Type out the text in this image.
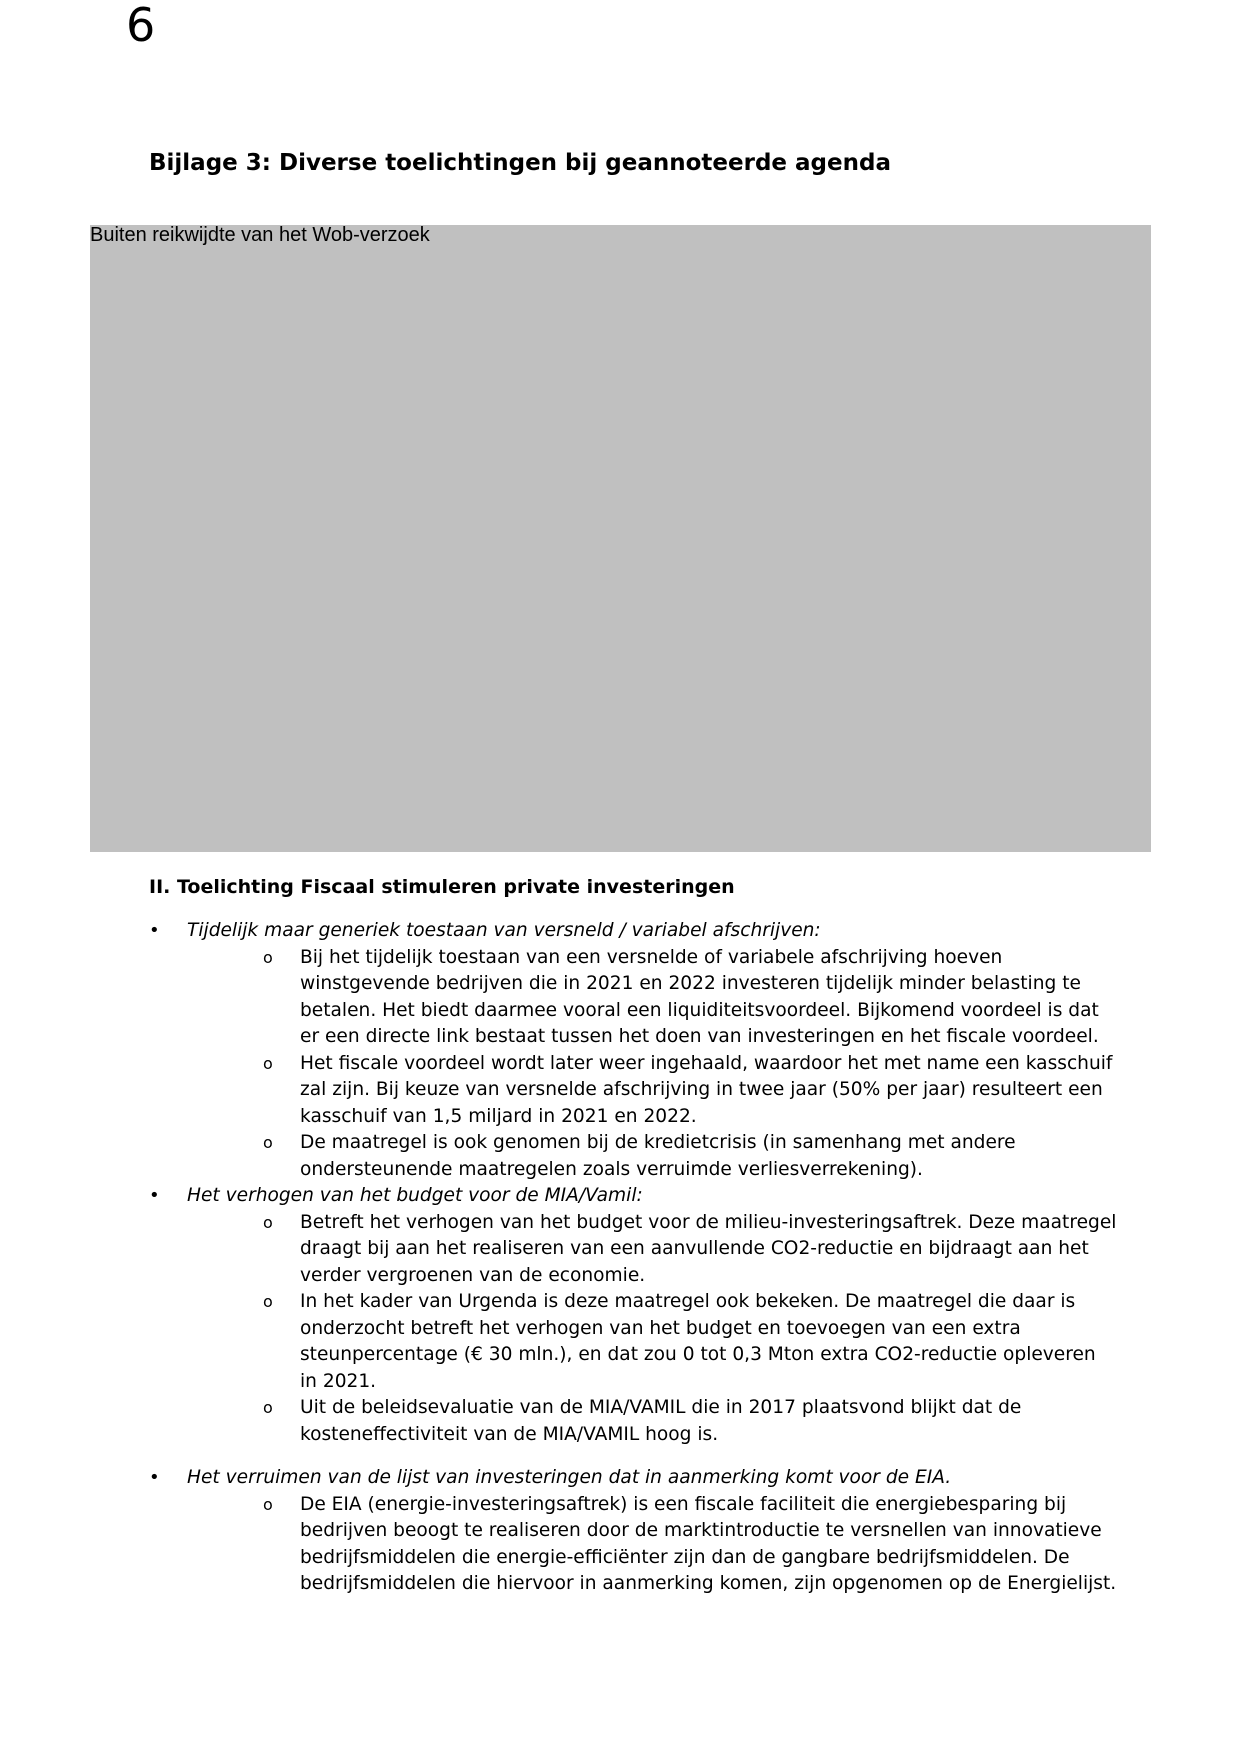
6
Bijlage 3: Diverse toelichtingen bij geannoteerde agenda
Buiten reikwijdte van het Wob-verzoek
II. Toelichting Fiscaal stimuleren private investeringen
• Tijdelijk maar generiek toestaan van versneld / variabel afschrijven:
o Bij het tijdelijk toestaan van een versnelde of variabele afschrijving hoeven
winstgevende bedrijven die in 2021 en 2022 investeren tijdelijk minder belasting te
betalen. Het biedt daarmee vooral een liquiditeitsvoordeel. Bijkomend voordeel is dat
er een directe link bestaat tussen het doen van investeringen en het fiscale voordeel.
o Het fiscale voordeel wordt later weer ingehaald, waardoor het met name een kasschuif
zal zijn. Bij keuze van versnelde afschrijving in twee jaar (50% per jaar) resulteert een
kasschuif van 1,5 miljard in 2021 en 2022.
o De maatregel is ook genomen bij de kredietcrisis (in samenhang met andere
ondersteunende maatregelen zoals verruimde verliesverrekening).
• Het verhogen van het budget voor de MIA/Vamil:
o Betreft het verhogen van het budget voor de milieu-investeringsaftrek. Deze maatregel
draagt bij aan het realiseren van een aanvullende CO2-reductie en bijdraagt aan het
verder vergroenen van de economie.
o In het kader van Urgenda is deze maatregel ook bekeken. De maatregel die daar is
onderzocht betreft het verhogen van het budget en toevoegen van een extra
steunpercentage (€ 30 mln.), en dat zou 0 tot 0,3 Mton extra CO2-reductie opleveren
in 2021.
o Uit de beleidsevaluatie van de MIA/VAMIL die in 2017 plaatsvond blijkt dat de
kosteneffectiviteit van de MIA/VAMIL hoog is.
• Het verruimen van de lijst van investeringen dat in aanmerking komt voor de EIA.
o De EIA (energie-investeringsaftrek) is een fiscale faciliteit die energiebesparing bij
bedrijven beoogt te realiseren door de marktintroductie te versnellen van innovatieve
bedrijfsmiddelen die energie-efficiënter zijn dan de gangbare bedrijfsmiddelen. De
bedrijfsmiddelen die hiervoor in aanmerking komen, zijn opgenomen op de Energielijst.
